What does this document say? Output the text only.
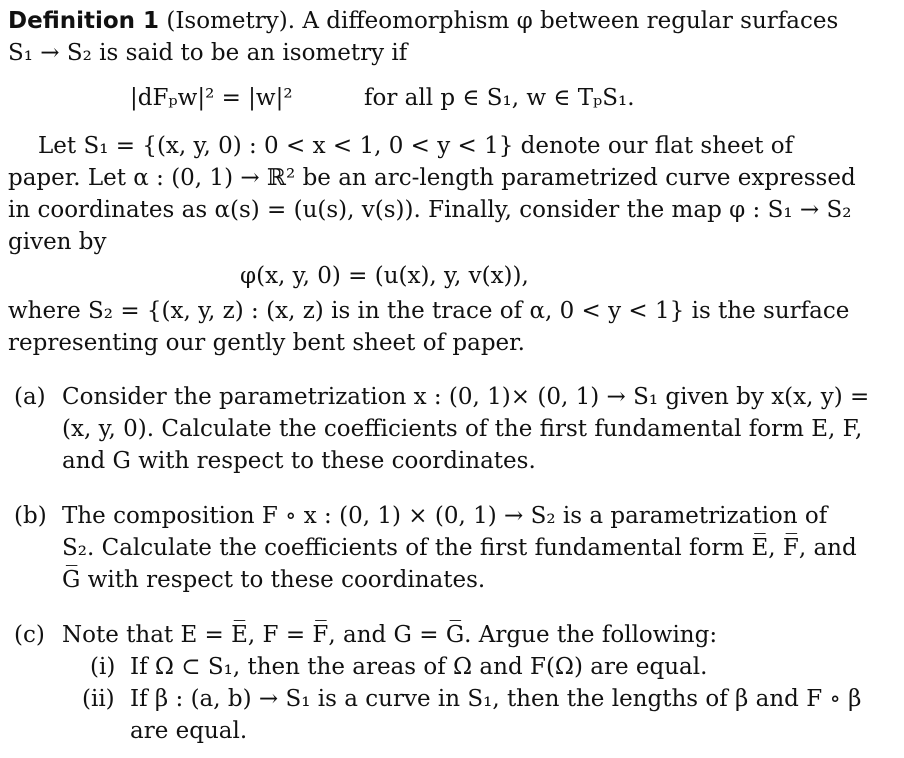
Definition 1 (Isometry). A diffeomorphism φ between regular surfaces
S₁ → S₂ is said to be an isometry if
|dFₚw|² = |w|²	for all p ∈ S₁, w ∈ TₚS₁.
Let S₁ = {(x, y, 0) : 0 < x < 1, 0 < y < 1} denote our flat sheet of
paper. Let α : (0, 1) → ℝ² be an arc-length parametrized curve expressed
in coordinates as α(s) = (u(s), v(s)). Finally, consider the map φ : S₁ → S₂
given by
φ(x, y, 0) = (u(x), y, v(x)),
where S₂ = {(x, y, z) : (x, z) is in the trace of α, 0 < y < 1} is the surface
representing our gently bent sheet of paper.
(a) Consider the parametrization x : (0, 1)× (0, 1) → S₁ given by x(x, y) =
(x, y, 0). Calculate the coefficients of the first fundamental form E, F,
and G with respect to these coordinates.
(b) The composition F ∘ x : (0, 1) × (0, 1) → S₂ is a parametrization of
S₂. Calculate the coefficients of the first fundamental form E̅, F̅, and
G̅ with respect to these coordinates.
(c) Note that E = E̅, F = F̅, and G = G̅. Argue the following:
(i) If Ω ⊂ S₁, then the areas of Ω and F(Ω) are equal.
(ii) If β : (a, b) → S₁ is a curve in S₁, then the lengths of β and F ∘ β
are equal.
